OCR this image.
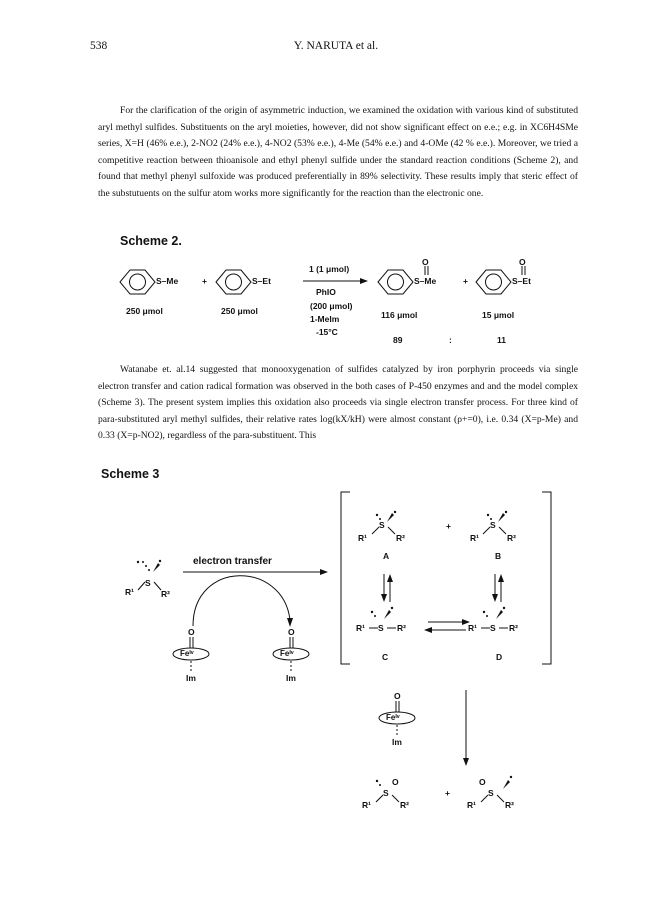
538	Y. NARUTA et al.

For the clarification of the origin of asymmetric induction, we examined the oxidation with various kind of substituted aryl methyl sulfides. Substituents on the aryl moieties, however, did not show significant effect on e.e.; e.g. in XC6H4SMe series, X=H (46% e.e.), 2-NO2 (24% e.e.), 4-NO2 (53% e.e.), 4-Me (54% e.e.) and 4-OMe (42 % e.e.). Moreover, we tried a competitive reaction between thioanisole and ethyl phenyl sulfide under the standard reaction conditions (Scheme 2), and found that methyl phenyl sulfoxide was produced preferentially in 89% selectivity. These results imply that steric effect of the substutuents on the sulfur atom works more significantly for the reaction than the electronic one.

Scheme 2.
S–Me	+	S–Et
250 μmol	250 μmol
1 (1 μmol)
PhIO
(200 μmol)
1-MeIm
-15°C
O	O
S–Me	+	S–Et
116 μmol	15 μmol
89	:	11

Watanabe et. al.14 suggested that monooxygenation of sulfides catalyzed by iron porphyrin proceeds via single electron transfer and cation radical formation was observed in the both cases of P-450 enzymes and and the model complex (Scheme 3). The present system implies this oxidation also proceeds via single electron transfer process. For three kind of para-substituted aryl methyl sulfides, their relative rates log(kX/kH) were almost constant (ρ+=0), i.e. 0.34 (X=p-Me) and 0.33 (X=p-NO2), regardless of the para-substituent. This

Scheme 3
electron transfer
S
R¹	R²
O	O
Feᴵᵛ	Feᴵᵛ
Im	Im
S
R¹	R²
A
+	S
R¹	R²
B
S
R¹	R²
C
S
R¹	R²
D
O
Feᴵᵛ
Im
S
O
R¹	R²
+	S
O
R¹	R²
